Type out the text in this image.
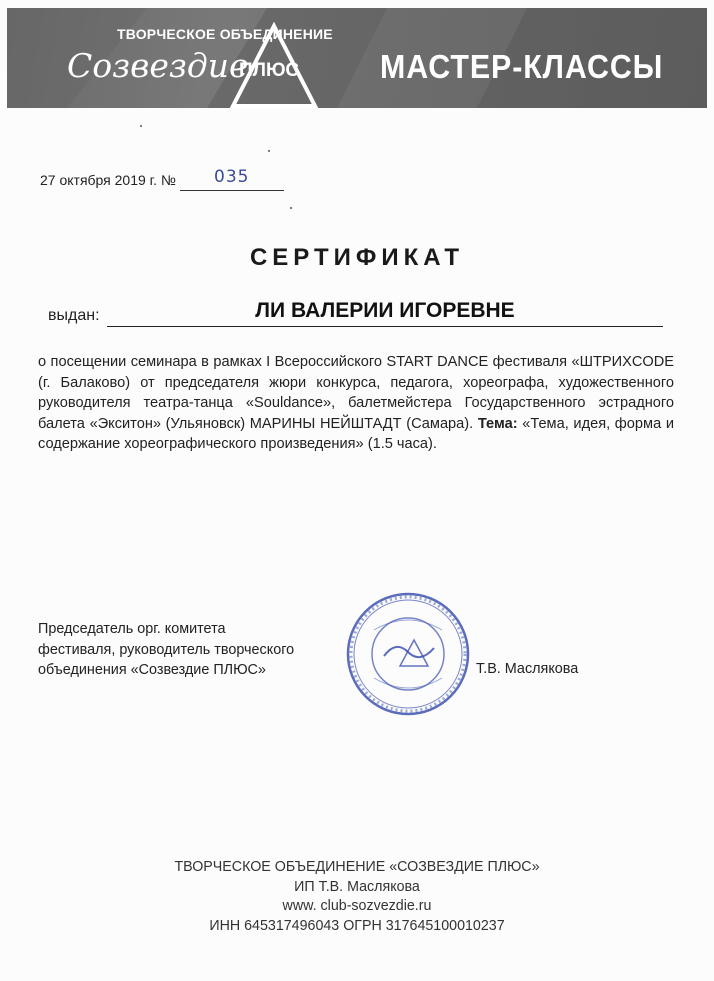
ТВОРЧЕСКОЕ ОБЪЕДИНЕНИЕ
Созвездие
ПЛЮС МАСТЕР-КЛАССЫ
27 октября 2019 г. № 035
СЕРТИФИКАТ
выдан:	ЛИ ВАЛЕРИИ ИГОРЕВНЕ
о посещении семинара в рамках I Всероссийского START DANCE фестиваля «ШТРИХCODE (г. Балаково) от председателя жюри конкурса, педагога, хореографа, художественного руководителя театра-танца «Souldance», балетмейстера Государственного эстрадного балета «Экситон» (Ульяновск) МАРИНЫ НЕЙШТАДТ (Самара). Тема: «Тема, идея, форма и содержание хореографического произведения» (1.5 часа).
Председатель орг. комитета
фестиваля, руководитель творческого
объединения «Созвездие ПЛЮС»	Т.В. Маслякова
ТВОРЧЕСКОЕ ОБЪЕДИНЕНИЕ «СОЗВЕЗДИЕ ПЛЮС»
ИП Т.В. Маслякова
www. club-sozvezdie.ru
ИНН 645317496043 ОГРН 317645100010237
